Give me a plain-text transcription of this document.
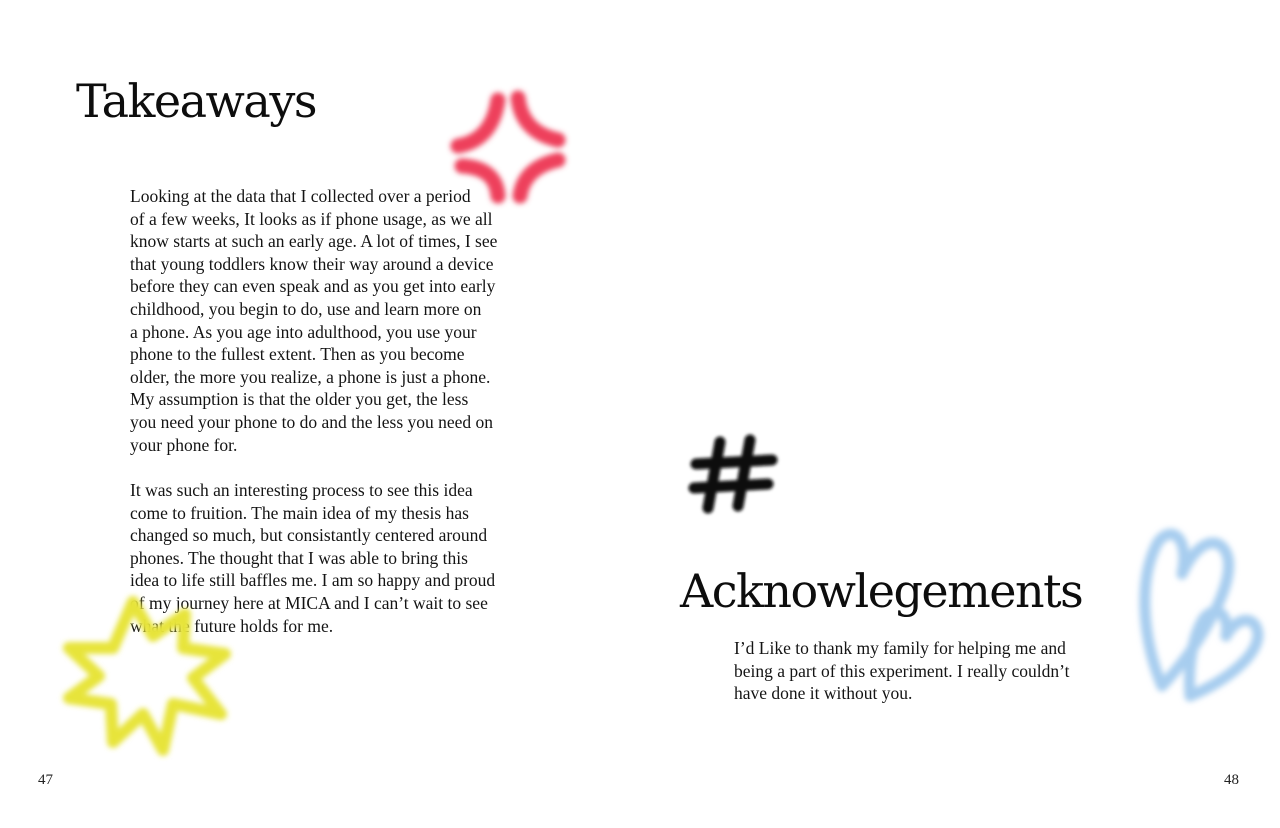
Takeaways

Looking at the data that I collected over a period
of a few weeks, It looks as if phone usage, as we all
know starts at such an early age. A lot of times, I see
that young toddlers know their way around a device
before they can even speak and as you get into early
childhood, you begin to do, use and learn more on
a phone. As you age into adulthood, you use your
phone to the fullest extent. Then as you become
older, the more you realize, a phone is just a phone.
My assumption is that the older you get, the less
you need your phone to do and the less you need on
your phone for.

It was such an interesting process to see this idea
come to fruition. The main idea of my thesis has
changed so much, but consistantly centered around
phones. The thought that I was able to bring this
idea to life still baffles me. I am so happy and proud
of my journey here at MICA and I can’t wait to see
what the future holds for me.

47
Acknowlegements

I’d Like to thank my family for helping me and
being a part of this experiment. I really couldn’t
have done it without you.

48
